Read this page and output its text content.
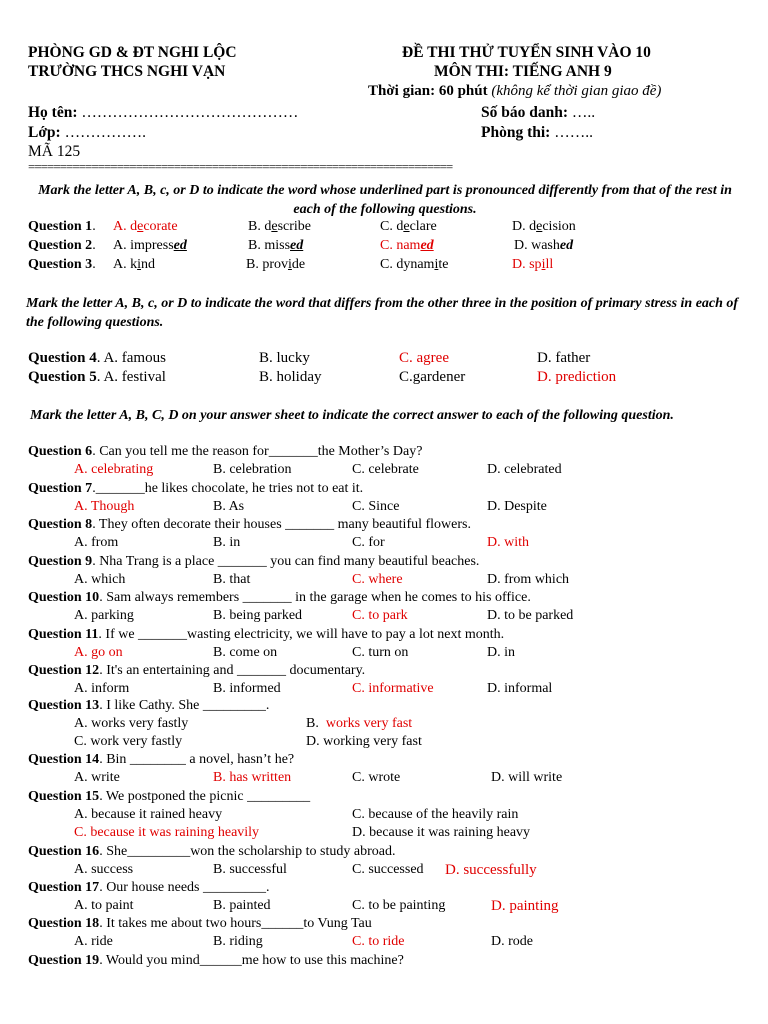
PHÒNG GD & ĐT NGHI LỘC
TRƯỜNG THCS NGHI VẠN
ĐỀ THI THỬ TUYỂN SINH VÀO 10
MÔN THI: TIẾNG ANH 9
Thời gian: 60 phút (không kể thời gian giao đề)
Họ tên: ……………………………………	Số báo danh: …..
Lớp: …………….	Phòng thi: ……..
MÃ 125
===================================================================
Mark the letter A, B, c, or D to indicate the word whose underlined part is pronounced differently from that of the rest in each of the following questions.
Question 1. A. decorate	B. describe	C. declare	D. decision
Question 2. A. impressed	B. missed	C. named	D. washed
Question 3. A. kind	B. provide	C. dynamite	D. spill
Mark the letter A, B, c, or D to indicate the word that differs from the other three in the position of primary stress in each of the following questions.
Question 4. A. famous	B. lucky	C. agree	D. father
Question 5. A. festival	B. holiday	C.gardener	D. prediction
Mark the letter A, B, C, D on your answer sheet to indicate the correct answer to each of the following question.
Question 6. Can you tell me the reason for_______the Mother’s Day?
A. celebrating	B. celebration	C. celebrate	D. celebrated
Question 7._______he likes chocolate, he tries not to eat it.
A. Though	B. As	C. Since	D. Despite
Question 8. They often decorate their houses _______ many beautiful flowers.
A. from	B. in	C. for	D. with
Question 9. Nha Trang is a place _______ you can find many beautiful beaches.
A. which	B. that	C. where	D. from which
Question 10. Sam always remembers _______ in the garage when he comes to his office.
A. parking	B. being parked	C. to park	D. to be parked
Question 11. If we _______wasting electricity, we will have to pay a lot next month.
A. go on	B. come on	C. turn on	D. in
Question 12. It's an entertaining and _______ documentary.
A. inform	B. informed	C. informative	D. informal
Question 13. I like Cathy. She _________.
A. works very fastly	B. works very fast
C. work very fastly	D. working very fast
Question 14. Bin ________ a novel, hasn’t he?
A. write	B. has written	C. wrote	D. will write
Question 15. We postponed the picnic _________
A. because it rained heavy	C. because of the heavily rain
C. because it was raining heavily	D. because it was raining heavy
Question 16. She_________won the scholarship to study abroad.
A. success	B. successful	C. successed D. successfully
Question 17. Our house needs _________.
A. to paint	B. painted	C. to be painting	D. painting
Question 18. It takes me about two hours______to Vung Tau
A. ride	B. riding	C. to ride	D. rode
Question 19. Would you mind______me how to use this machine?
